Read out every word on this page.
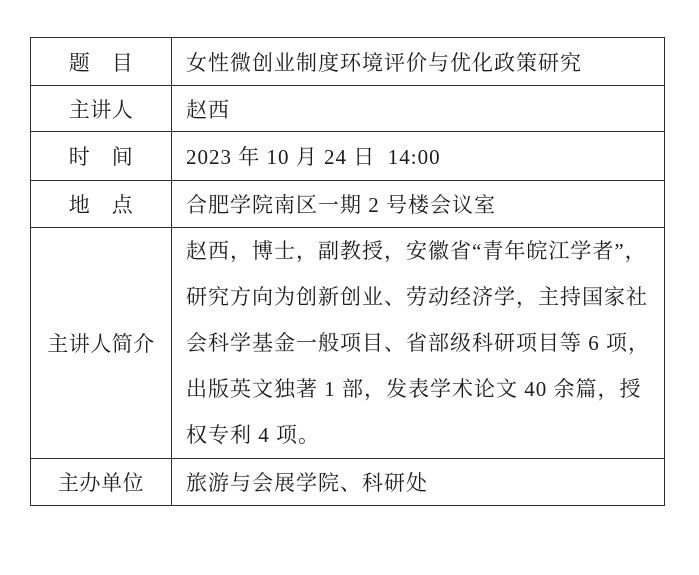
题　目	女性微创业制度环境评价与优化政策研究
主讲人	赵西
时　间	2023 年 10 月 24 日  14:00
地　点	合肥学院南区一期 2 号楼会议室
主讲人简介	赵西，博士，副教授，安徽省“青年皖江学者”，研究方向为创新创业、劳动经济学，主持国家社会科学基金一般项目、省部级科研项目等 6 项，出版英文独著 1 部，发表学术论文 40 余篇，授权专利 4 项。
主办单位	旅游与会展学院、科研处
